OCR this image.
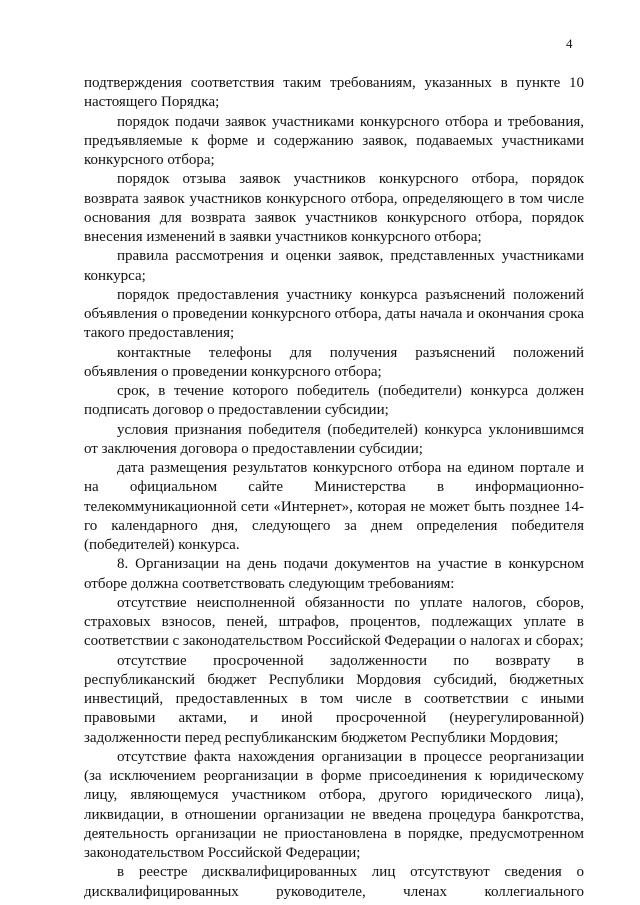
4

подтверждения соответствия таким требованиям, указанных в пункте 10 настоящего Порядка;

порядок подачи заявок участниками конкурсного отбора и требования, предъявляемые к форме и содержанию заявок, подаваемых участниками конкурсного отбора;

порядок отзыва заявок участников конкурсного отбора, порядок возврата заявок участников конкурсного отбора, определяющего в том числе основания для возврата заявок участников конкурсного отбора, порядок внесения изменений в заявки участников конкурсного отбора;

правила рассмотрения и оценки заявок, представленных участниками конкурса;

порядок предоставления участнику конкурса разъяснений положений объявления о проведении конкурсного отбора, даты начала и окончания срока такого предоставления;

контактные телефоны для получения разъяснений положений объявления о проведении конкурсного отбора;

срок, в течение которого победитель (победители) конкурса должен подписать договор о предоставлении субсидии;

условия признания победителя (победителей) конкурса уклонившимся от заключения договора о предоставлении субсидии;

дата размещения результатов конкурсного отбора на едином портале и на официальном сайте Министерства в информационно-телекоммуникационной сети «Интернет», которая не может быть позднее 14-го календарного дня, следующего за днем определения победителя (победителей) конкурса.

8. Организации на день подачи документов на участие в конкурсном отборе должна соответствовать следующим требованиям:

отсутствие неисполненной обязанности по уплате налогов, сборов, страховых взносов, пеней, штрафов, процентов, подлежащих уплате в соответствии с законодательством Российской Федерации о налогах и сборах;

отсутствие просроченной задолженности по возврату в республиканский бюджет Республики Мордовия субсидий, бюджетных инвестиций, предоставленных в том числе в соответствии с иными правовыми актами, и иной просроченной (неурегулированной) задолженности перед республиканским бюджетом Республики Мордовия;

отсутствие факта нахождения организации в процессе реорганизации (за исключением реорганизации в форме присоединения к юридическому лицу, являющемуся участником отбора, другого юридического лица), ликвидации, в отношении организации не введена процедура банкротства, деятельность организации не приостановлена в порядке, предусмотренном законодательством Российской Федерации;

в реестре дисквалифицированных лиц отсутствуют сведения о дисквалифицированных руководителе, членах коллегиального
